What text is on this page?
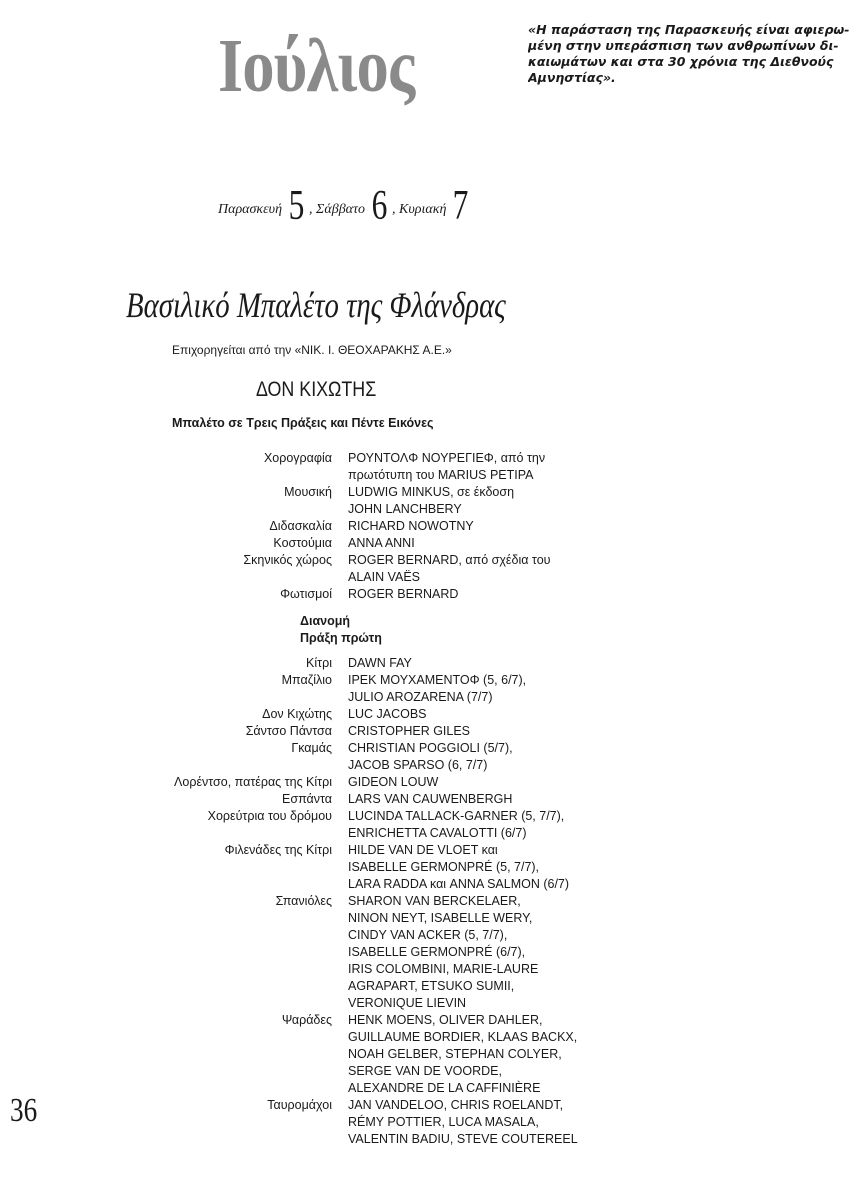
Ιούλιος	«Η παράσταση της Παρασκευής είναι αφιερω-
μένη στην υπεράσπιση των ανθρωπίνων δι-
καιωμάτων και στα 30 χρόνια της Διεθνούς
Αμνηστίας».
Παρασκευή 5 , Σάββατο 6 , Κυριακή 7
Βασιλικό Μπαλέτο της Φλάνδρας
Επιχορηγείται από την «ΝΙΚ. Ι. ΘΕΟΧΑΡΑΚΗΣ Α.Ε.»
ΔΟΝ ΚΙΧΩΤΗΣ
Μπαλέτο σε Τρεις Πράξεις και Πέντε Εικόνες
Χορογραφία ΡΟΥΝΤΟΛΦ ΝΟΥΡΕΓΙΕΦ, από την
πρωτότυπη του MARIUS PETIPA
Μουσική LUDWIG MINKUS, σε έκδοση
JOHN LANCHBERY
Διδασκαλία RICHARD NOWOTNY
Κοστούμια ANNA ANNI
Σκηνικός χώρος ROGER BERNARD, από σχέδια του
ALAIN VAËS
Φωτισμοί ROGER BERNARD
Διανομή
Πράξη πρώτη
Κίτρι DAWN FAY
Μπαζίλιο IPEK ΜΟΥΧΑΜΕΝΤΟΦ (5, 6/7),
JULIO AROZARENA (7/7)
Δον Κιχώτης LUC JACOBS
Σάντσο Πάντσα CRISTOPHER GILES
Γκαμάς CHRISTIAN POGGIOLI (5/7),
JACOB SPARSO (6, 7/7)
Λορέντσο, πατέρας της Κίτρι GIDEON LOUW
Εσπάντα LARS VAN CAUWENBERGH
Χορεύτρια του δρόμου LUCINDA TALLACK-GARNER (5, 7/7),
ENRICHETTA CAVALOTTI (6/7)
Φιλενάδες της Κίτρι HILDE VAN DE VLOET και
ISABELLE GERMONPRÉ (5, 7/7),
LARA RADDA και ANNA SALMON (6/7)
Σπανιόλες SHARON VAN BERCKELAER,
NINON NEYT, ISABELLE WERY,
CINDY VAN ACKER (5, 7/7),
ISABELLE GERMONPRÉ (6/7),
IRIS COLOMBINI, MARIE-LAURE
AGRAPART, ETSUKO SUMII,
VERONIQUE LIEVIN
Ψαράδες HENK MOENS, OLIVER DAHLER,
GUILLAUME BORDIER, KLAAS BACKX,
NOAH GELBER, STEPHAN COLYER,
SERGE VAN DE VOORDE,
ALEXANDRE DE LA CAFFINIÈRE
Ταυρομάχοι JAN VANDELOO, CHRIS ROELANDT,
RÉMY POTTIER, LUCA MASALA,
VALENTIN BADIU, STEVE COUTEREEL
36
